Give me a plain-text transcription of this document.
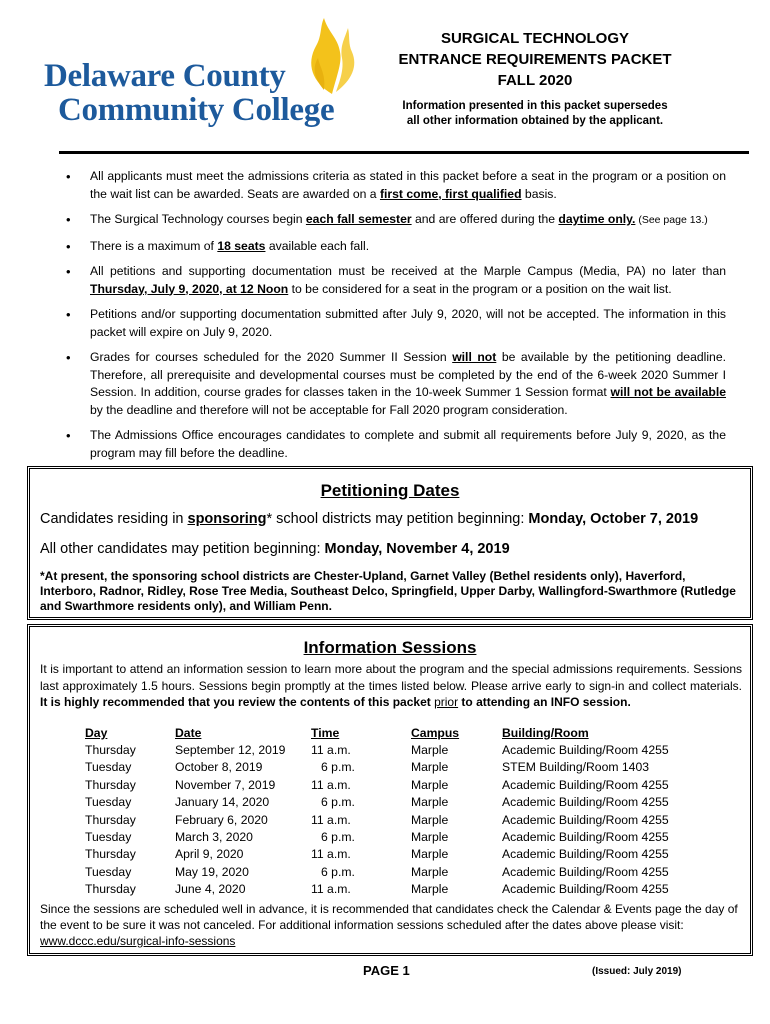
Delaware County
Community College
SURGICAL TECHNOLOGY
ENTRANCE REQUIREMENTS PACKET
FALL 2020
Information presented in this packet supersedes
all other information obtained by the applicant.
• All applicants must meet the admissions criteria as stated in this packet before a seat in the program or a position on the wait list can be awarded. Seats are awarded on a first come, first qualified basis.
• The Surgical Technology courses begin each fall semester and are offered during the daytime only. (See page 13.)
• There is a maximum of 18 seats available each fall.
• All petitions and supporting documentation must be received at the Marple Campus (Media, PA) no later than Thursday, July 9, 2020, at 12 Noon to be considered for a seat in the program or a position on the wait list.
• Petitions and/or supporting documentation submitted after July 9, 2020, will not be accepted. The information in this packet will expire on July 9, 2020.
• Grades for courses scheduled for the 2020 Summer II Session will not be available by the petitioning deadline. Therefore, all prerequisite and developmental courses must be completed by the end of the 6-week 2020 Summer I Session. In addition, course grades for classes taken in the 10-week Summer 1 Session format will not be available by the deadline and therefore will not be acceptable for Fall 2020 program consideration.
• The Admissions Office encourages candidates to complete and submit all requirements before July 9, 2020, as the program may fill before the deadline.
Petitioning Dates
Candidates residing in sponsoring* school districts may petition beginning: Monday, October 7, 2019
All other candidates may petition beginning: Monday, November 4, 2019
*At present, the sponsoring school districts are Chester-Upland, Garnet Valley (Bethel residents only), Haverford, Interboro, Radnor, Ridley, Rose Tree Media, Southeast Delco, Springfield, Upper Darby, Wallingford-Swarthmore (Rutledge and Swarthmore residents only), and William Penn.
Information Sessions
It is important to attend an information session to learn more about the program and the special admissions requirements. Sessions last approximately 1.5 hours. Sessions begin promptly at the times listed below. Please arrive early to sign-in and collect materials. It is highly recommended that you review the contents of this packet prior to attending an INFO session.
Day	Date	Time	Campus	Building/Room
Thursday	September 12, 2019	11 a.m.	Marple	Academic Building/Room 4255
Tuesday	October 8, 2019	6 p.m.	Marple	STEM Building/Room 1403
Thursday	November 7, 2019	11 a.m.	Marple	Academic Building/Room 4255
Tuesday	January 14, 2020	6 p.m.	Marple	Academic Building/Room 4255
Thursday	February 6, 2020	11 a.m.	Marple	Academic Building/Room 4255
Tuesday	March 3, 2020	6 p.m.	Marple	Academic Building/Room 4255
Thursday	April 9, 2020	11 a.m.	Marple	Academic Building/Room 4255
Tuesday	May 19, 2020	6 p.m.	Marple	Academic Building/Room 4255
Thursday	June 4, 2020	11 a.m.	Marple	Academic Building/Room 4255
Since the sessions are scheduled well in advance, it is recommended that candidates check the Calendar & Events page the day of the event to be sure it was not canceled. For additional information sessions scheduled after the dates above please visit: www.dccc.edu/surgical-info-sessions
PAGE 1	(Issued: July 2019)
